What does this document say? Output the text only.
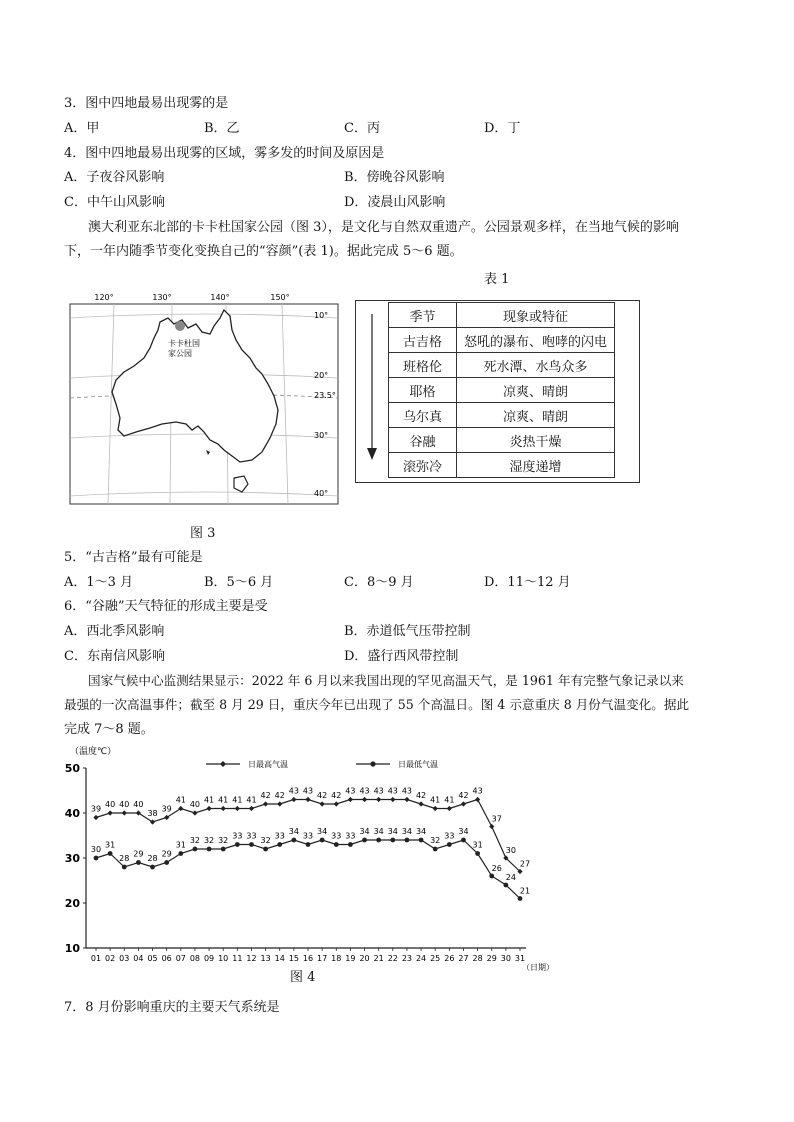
3．图中四地最易出现雾的是
A．甲	B．乙	C．丙	D．丁
4．图中四地最易出现雾的区域，雾多发的时间及原因是
A．子夜谷风影响	B．傍晚谷风影响
C．中午山风影响	D．凌晨山风影响
澳大利亚东北部的卡卡杜国家公园（图 3），是文化与自然双重遗产。公园景观多样，在当地气候的影响
下，一年内随季节变化变换自己的“容颜”(表 1)。据此完成 5～6 题。
表 1
120°	130°	140°	150°
10°
20°
23.5°
30°
40°
卡卡杜国
家公园
图 3
季节	现象或特征
古吉格	怒吼的瀑布、咆哮的闪电
班格伦	死水潭、水鸟众多
耶格	凉爽、晴朗
乌尔真	凉爽、晴朗
谷融	炎热干燥
滚弥冷	湿度递增
5．“古吉格”最有可能是
A．1～3 月	B．5～6 月	C．8～9 月	D．11～12 月
6．“谷融”天气特征的形成主要是受
A．西北季风影响	B．赤道低气压带控制
C．东南信风影响	D．盛行西风带控制
国家气候中心监测结果显示：2022 年 6 月以来我国出现的罕见高温天气，是 1961 年有完整气象记录以来
最强的一次高温事件；截至 8 月 29 日，重庆今年已出现了 55 个高温日。图 4 示意重庆 8 月份气温变化。据此
完成 7～8 题。
（温度℃）
10
20
30
40
50
01 02 03 04 05 06 07 08 09 10 11 12 13 14 15 16 17 18 19 20 21 22 23 24 25 26 27 28 29 30 31
日最高气温	日最低气温
39 40 40 40
38 39
41 40 41 41 41 41 42 42 43 43 42 42 43 43 43 43 43 42 41 41 42 43
37
30
27
30 31
28 29 28 29
31 32 32 32 33 33 32 33 34 33 34 33 33 34 34 34 34 34
32 33 34
31
26
24
21
（日期）
图 4
7．8 月份影响重庆的主要天气系统是
